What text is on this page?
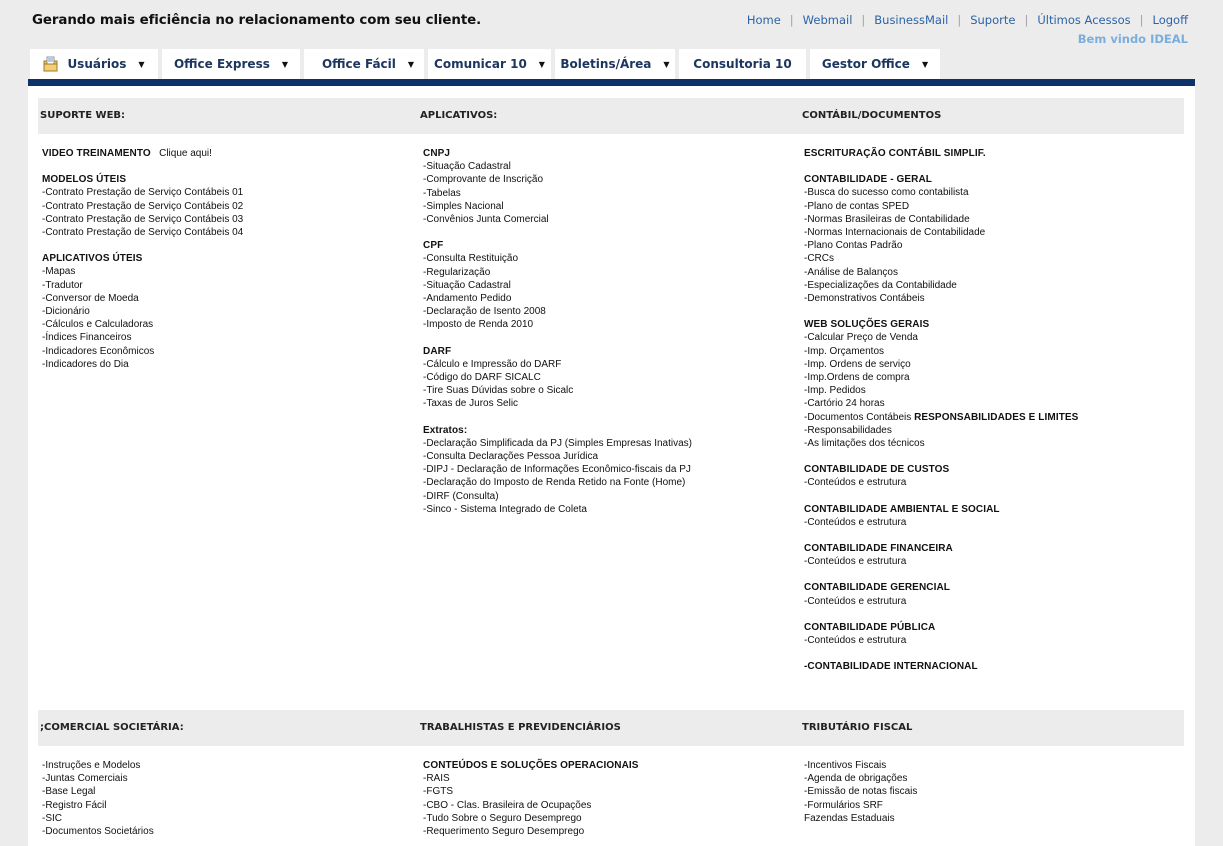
Gerando mais eficiência no relacionamento com seu cliente.	Home | Webmail | BusinessMail | Suporte | Últimos Acessos | Logoff
Bem vindo IDEAL
Usuários ▼ Office Express ▼	Office Fácil ▼ Comunicar 10 ▼ Boletins/Área ▼ Consultoria 10	Gestor Office ▼
SUPORTE WEB:	APLICATIVOS:	CONTÁBIL/DOCUMENTOS
VIDEO TREINAMENTO Clique aqui!
MODELOS ÚTEIS
-Contrato Prestação de Serviço Contábeis 01
-Contrato Prestação de Serviço Contábeis 02
-Contrato Prestação de Serviço Contábeis 03
-Contrato Prestação de Serviço Contábeis 04
APLICATIVOS ÚTEIS
-Mapas
-Tradutor
-Conversor de Moeda
-Dicionário
-Cálculos e Calculadoras
-Índices Financeiros
-Indicadores Econômicos
-Indicadores do Dia
CNPJ
-Situação Cadastral
-Comprovante de Inscrição
-Tabelas
-Simples Nacional
-Convênios Junta Comercial
CPF
-Consulta Restituição
-Regularização
-Situação Cadastral
-Andamento Pedido
-Declaração de Isento 2008
-Imposto de Renda 2010
DARF
-Cálculo e Impressão do DARF
-Código do DARF SICALC
-Tire Suas Dúvidas sobre o Sicalc
-Taxas de Juros Selic
Extratos:
-Declaração Simplificada da PJ (Simples Empresas Inativas)
-Consulta Declarações Pessoa Jurídica
-DIPJ - Declaração de Informações Econômico-fiscais da PJ
-Declaração do Imposto de Renda Retido na Fonte (Home)
-DIRF (Consulta)
-Sinco - Sistema Integrado de Coleta
ESCRITURAÇÃO CONTÁBIL SIMPLIF.
CONTABILIDADE - GERAL
-Busca do sucesso como contabilista
-Plano de contas SPED
-Normas Brasileiras de Contabilidade
-Normas Internacionais de Contabilidade
-Plano Contas Padrão
-CRCs
-Análise de Balanços
-Especializações da Contabilidade
-Demonstrativos Contábeis
WEB SOLUÇÕES GERAIS
-Calcular Preço de Venda
-Imp. Orçamentos
-Imp. Ordens de serviço
-Imp.Ordens de compra
-Imp. Pedidos
-Cartório 24 horas
-Documentos Contábeis RESPONSABILIDADES E LIMITES
-Responsabilidades
-As limitações dos técnicos
CONTABILIDADE DE CUSTOS
-Conteúdos e estrutura
CONTABILIDADE AMBIENTAL E SOCIAL
-Conteúdos e estrutura
CONTABILIDADE FINANCEIRA
-Conteúdos e estrutura
CONTABILIDADE GERENCIAL
-Conteúdos e estrutura
CONTABILIDADE PÚBLICA
-Conteúdos e estrutura
-CONTABILIDADE INTERNACIONAL
;COMERCIAL SOCIETÁRIA:	TRABALHISTAS E PREVIDENCIÁRIOS	TRIBUTÁRIO FISCAL
-Instruções e Modelos
-Juntas Comerciais
-Base Legal
-Registro Fácil
-SIC
-Documentos Societários
CONTEÚDOS E SOLUÇÕES OPERACIONAIS
-RAIS
-FGTS
-CBO - Clas. Brasileira de Ocupações
-Tudo Sobre o Seguro Desemprego
-Requerimento Seguro Desemprego
-Incentivos Fiscais
-Agenda de obrigações
-Emissão de notas fiscais
-Formulários SRF
Fazendas Estaduais
